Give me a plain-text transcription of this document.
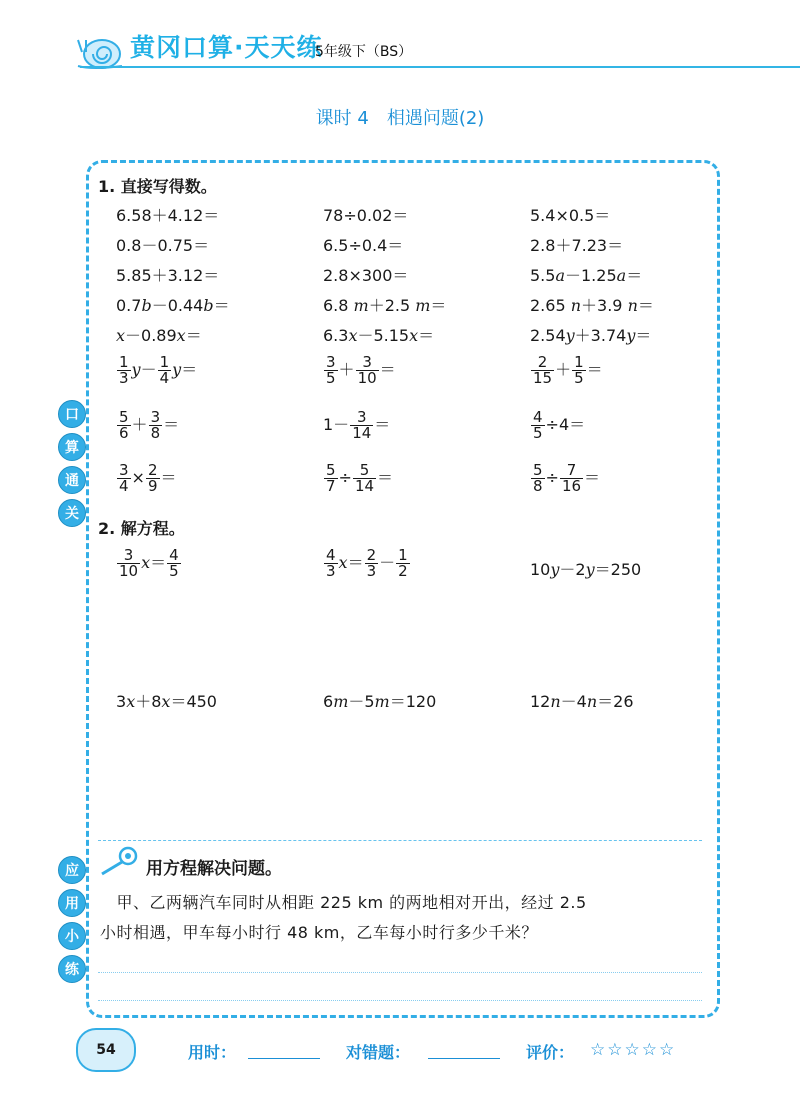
黄冈口算·天天练
5年级下（BS）
课时 4　相遇问题(2)
口
算
通
关
应
用
小
练
1. 直接写得数。
6.58＋4.12＝	78÷0.02＝	5.4×0.5＝
0.8－0.75＝	6.5÷0.4＝	2.8＋7.23＝
5.85＋3.12＝	2.8×300＝	5.5a－1.25a＝
0.7b－0.44b＝	6.8 m＋2.5 m＝	2.65 n＋3.9 n＝
x－0.89x＝	6.3x－5.15x＝	2.54y＋3.74y＝
$\frac{1}{3} y- \frac{1}{4} y=$	$\frac{3}{5} + \frac{3}{10}$ ＝	$\frac{2}{15} + \frac{1}{5}$ ＝
$\frac{5}{6} + \frac{3}{8}$ ＝	$1- \frac{3}{14}$ ＝	$\frac{4}{5} \div 4=$
$\frac{3}{4} \times \frac{2}{9}$ ＝	$\frac{5}{7} \div \frac{5}{14}$ ＝	$\frac{5}{8} \div \frac{7}{16}$ ＝
2. 解方程。
$\frac{3}{10} x= \frac{4}{5}$	$\frac{4}{3} x= \frac{2}{3} - \frac{1}{2}$	10y－2y＝250
3x＋8x＝450	6m－5m＝120	12n－4n＝26
用方程解决问题。
　甲、乙两辆汽车同时从相距 225 km 的两地相对开出，经过 2.5
小时相遇，甲车每小时行 48 km，乙车每小时行多少千米？
54	用时：	对错题：	评价： ☆☆☆☆☆
